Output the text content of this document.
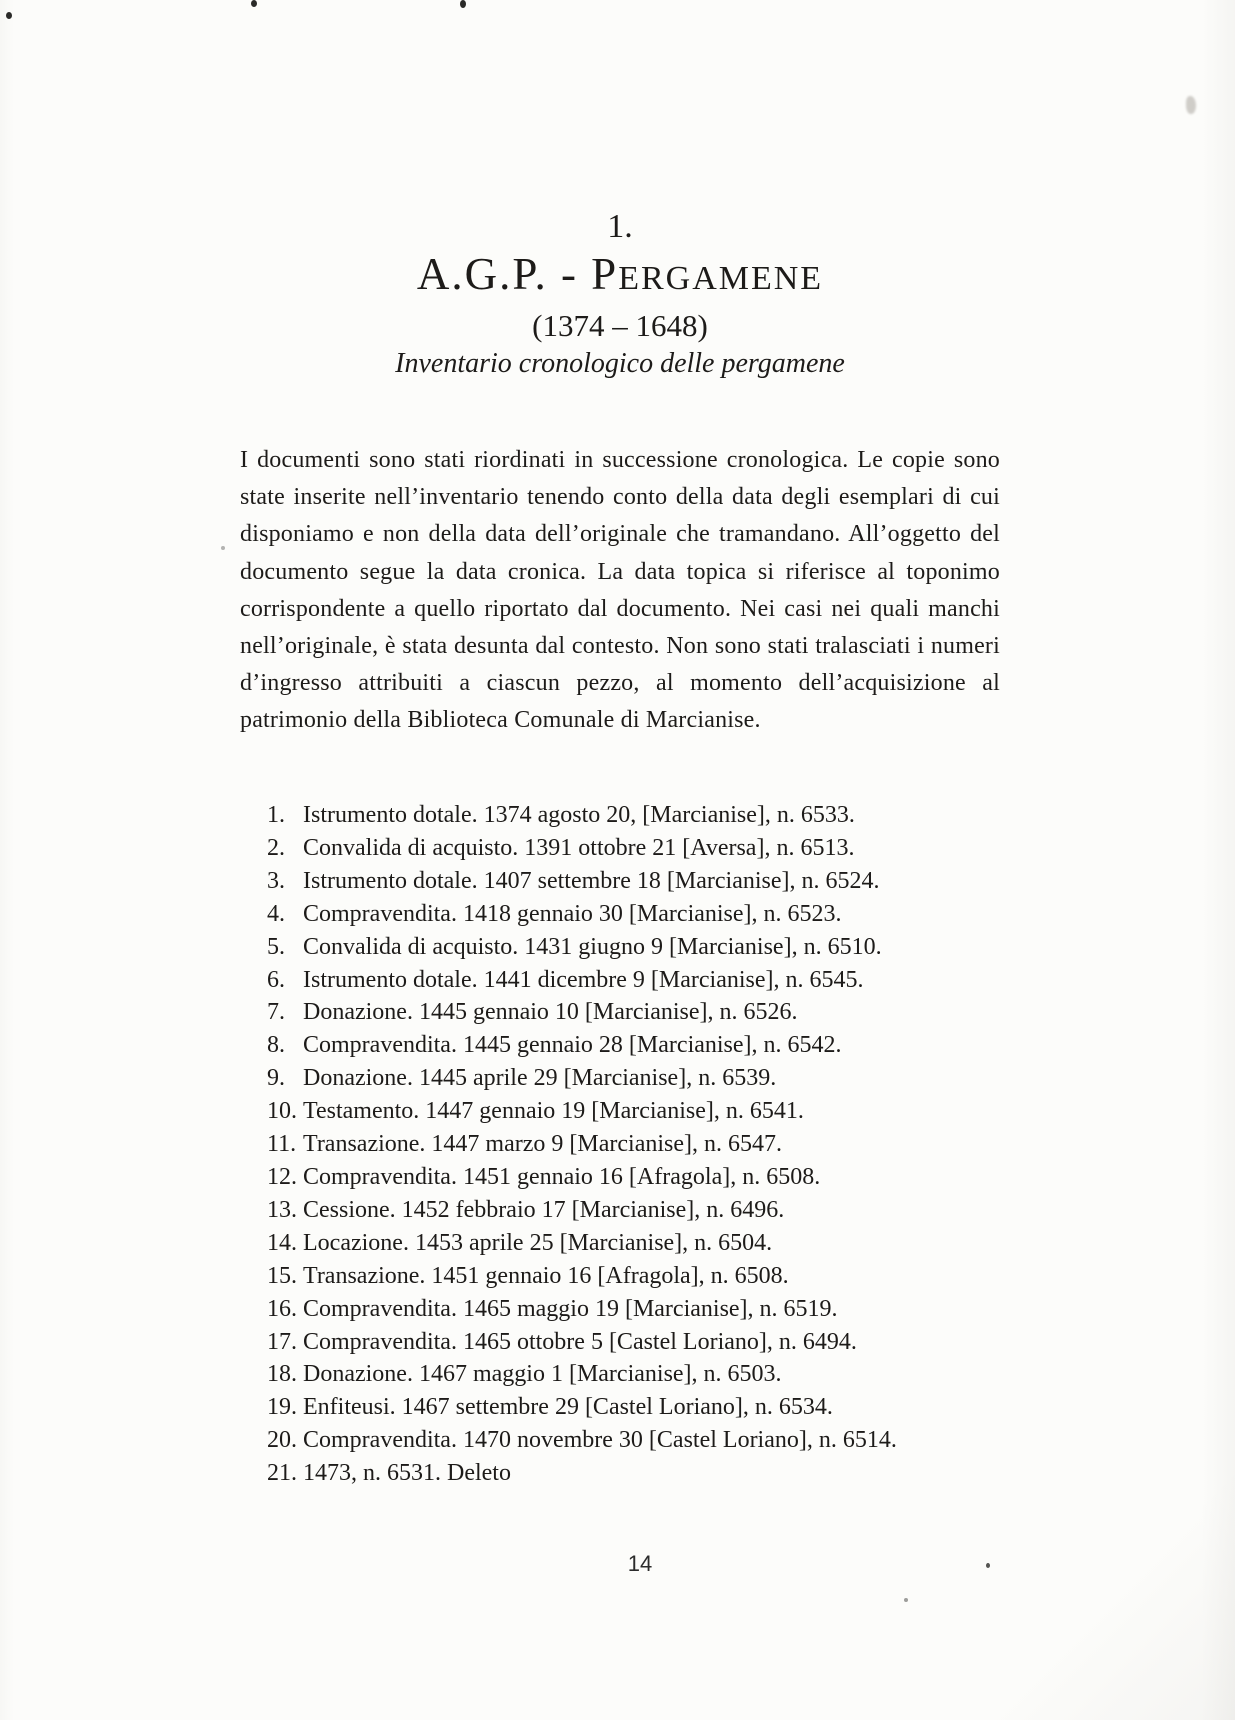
1.
A.G.P. - PERGAMENE
(1374 – 1648)
Inventario cronologico delle pergamene

I documenti sono stati riordinati in successione cronologica. Le copie sono state inserite nell’inventario tenendo conto della data degli esemplari di cui disponiamo e non della data dell’originale che tramandano. All’oggetto del documento segue la data cronica. La data topica si riferisce al toponimo corrispondente a quello riportato dal documento. Nei casi nei quali manchi nell’originale, è stata desunta dal contesto. Non sono stati tralasciati i numeri d’ingresso attribuiti a ciascun pezzo, al momento dell’acquisizione al patrimonio della Biblioteca Comunale di Marcianise.

1. Istrumento dotale. 1374 agosto 20, [Marcianise], n. 6533.
2. Convalida di acquisto. 1391 ottobre 21 [Aversa], n. 6513.
3. Istrumento dotale. 1407 settembre 18 [Marcianise], n. 6524.
4. Compravendita. 1418 gennaio 30 [Marcianise], n. 6523.
5. Convalida di acquisto. 1431 giugno 9 [Marcianise], n. 6510.
6. Istrumento dotale. 1441 dicembre 9 [Marcianise], n. 6545.
7. Donazione. 1445 gennaio 10 [Marcianise], n. 6526.
8. Compravendita. 1445 gennaio 28 [Marcianise], n. 6542.
9. Donazione. 1445 aprile 29 [Marcianise], n. 6539.
10. Testamento. 1447 gennaio 19 [Marcianise], n. 6541.
11. Transazione. 1447 marzo 9 [Marcianise], n. 6547.
12. Compravendita. 1451 gennaio 16 [Afragola], n. 6508.
13. Cessione. 1452 febbraio 17 [Marcianise], n. 6496.
14. Locazione. 1453 aprile 25 [Marcianise], n. 6504.
15. Transazione. 1451 gennaio 16 [Afragola], n. 6508.
16. Compravendita. 1465 maggio 19 [Marcianise], n. 6519.
17. Compravendita. 1465 ottobre 5 [Castel Loriano], n. 6494.
18. Donazione. 1467 maggio 1 [Marcianise], n. 6503.
19. Enfiteusi. 1467 settembre 29 [Castel Loriano], n. 6534.
20. Compravendita. 1470 novembre 30 [Castel Loriano], n. 6514.
21. 1473, n. 6531. Deleto
14
